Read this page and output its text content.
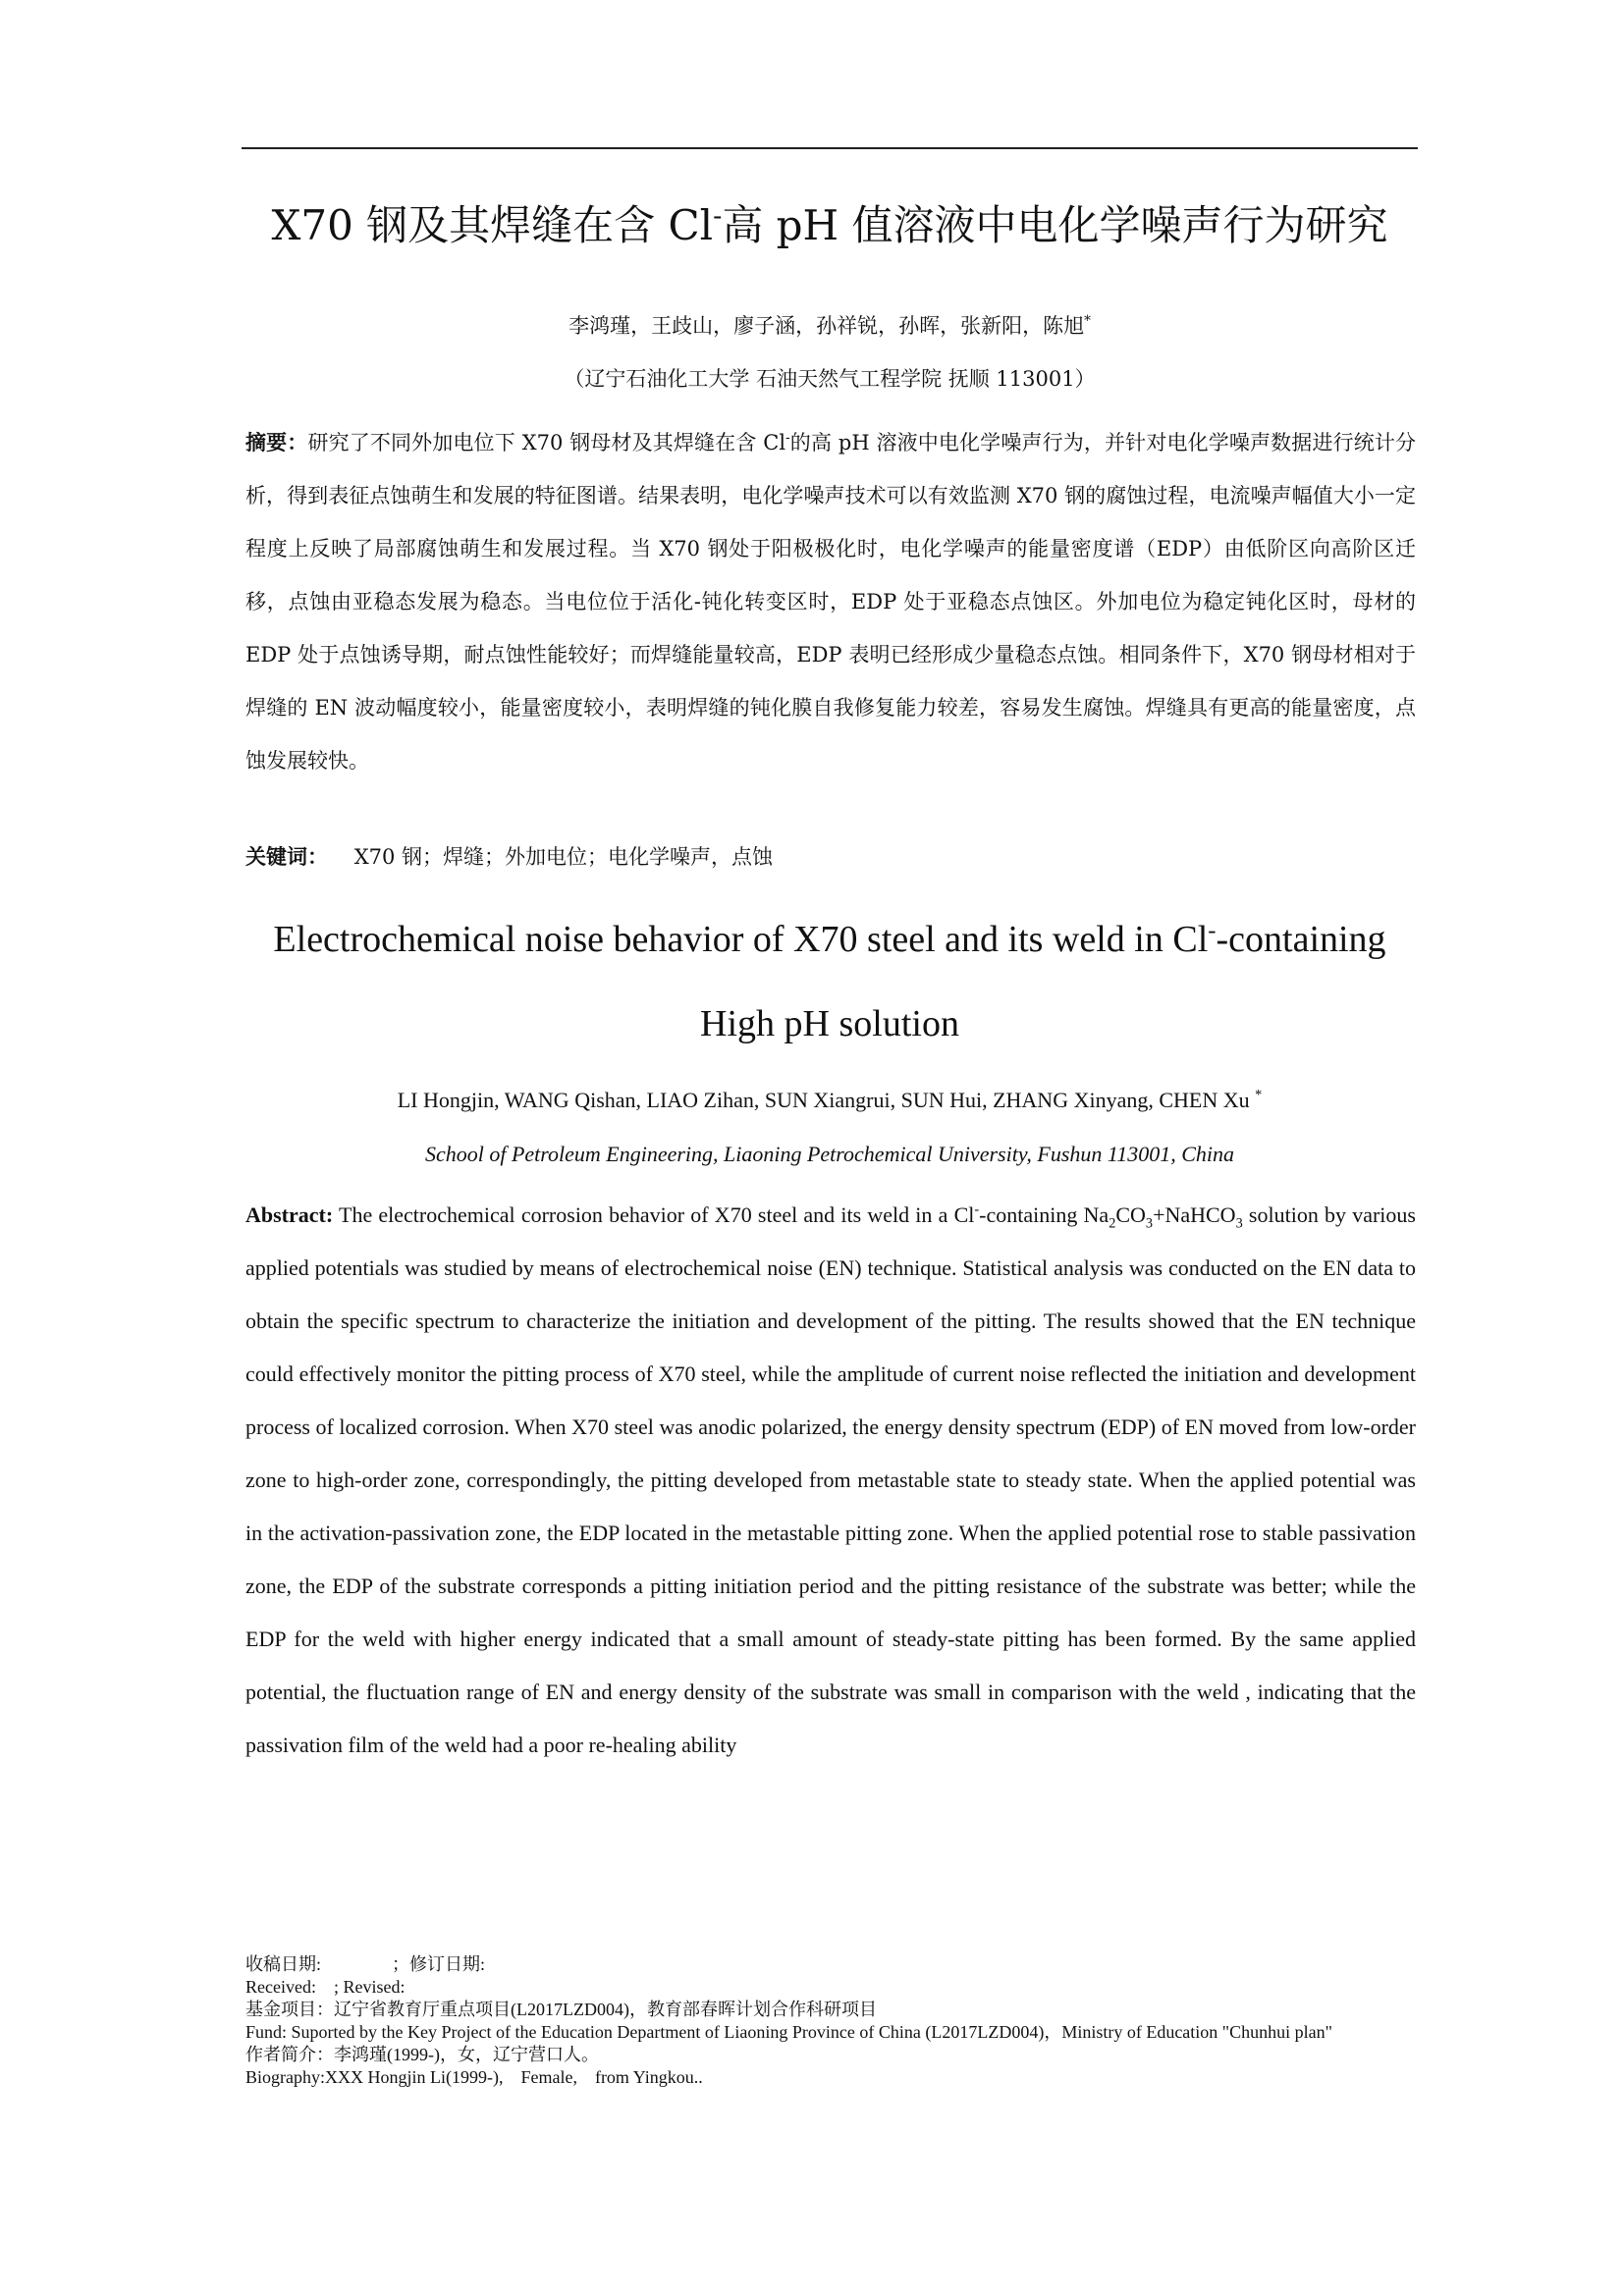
X70 钢及其焊缝在含 Cl-高 pH 值溶液中电化学噪声行为研究
李鸿瑾，王歧山，廖子涵，孙祥锐，孙晖，张新阳，陈旭*
（辽宁石油化工大学 石油天然气工程学院 抚顺 113001）
摘要：研究了不同外加电位下 X70 钢母材及其焊缝在含 Cl-的高 pH 溶液中电化学噪声行为，并针对电化学噪声数据进行统计分析，得到表征点蚀萌生和发展的特征图谱。结果表明，电化学噪声技术可以有效监测 X70 钢的腐蚀过程，电流噪声幅值大小一定程度上反映了局部腐蚀萌生和发展过程。当 X70 钢处于阳极极化时，电化学噪声的能量密度谱（EDP）由低阶区向高阶区迁移，点蚀由亚稳态发展为稳态。当电位位于活化-钝化转变区时，EDP 处于亚稳态点蚀区。外加电位为稳定钝化区时，母材的 EDP 处于点蚀诱导期，耐点蚀性能较好；而焊缝能量较高，EDP 表明已经形成少量稳态点蚀。相同条件下，X70 钢母材相对于焊缝的 EN 波动幅度较小，能量密度较小，表明焊缝的钝化膜自我修复能力较差，容易发生腐蚀。焊缝具有更高的能量密度，点蚀发展较快。
关键词： X70 钢；焊缝；外加电位；电化学噪声，点蚀
Electrochemical noise behavior of X70 steel and its weld in Cl--containing
High pH solution
LI Hongjin, WANG Qishan, LIAO Zihan, SUN Xiangrui, SUN Hui, ZHANG Xinyang, CHEN Xu *
School of Petroleum Engineering, Liaoning Petrochemical University, Fushun 113001, China
Abstract: The electrochemical corrosion behavior of X70 steel and its weld in a Cl--containing $Na_2CO_3+NaHCO_3$ solution by various applied potentials was studied by means of electrochemical noise (EN) technique. Statistical analysis was conducted on the EN data to obtain the specific spectrum to characterize the initiation and development of the pitting. The results showed that the EN technique could effectively monitor the pitting process of X70 steel, while the amplitude of current noise reflected the initiation and development process of localized corrosion. When X70 steel was anodic polarized, the energy density spectrum (EDP) of EN moved from low-order zone to high-order zone, correspondingly, the pitting developed from metastable state to steady state. When the applied potential was in the activation-passivation zone, the EDP located in the metastable pitting zone. When the applied potential rose to stable passivation zone, the EDP of the substrate corresponds a pitting initiation period and the pitting resistance of the substrate was better; while the EDP for the weld with higher energy indicated that a small amount of steady-state pitting has been formed. By the same applied potential, the fluctuation range of EN and energy density of the substrate was small in comparison with the weld , indicating that the passivation film of the weld had a poor re-healing ability
收稿日期:　　　　；修订日期:
Received:　; Revised:
基金项目：辽宁省教育厅重点项目(L2017LZD004)，教育部春晖计划合作科研项目
Fund: Suported by the Key Project of the Education Department of Liaoning Province of China (L2017LZD004)，Ministry of Education "Chunhui plan"
作者简介：李鸿瑾(1999-)，女，辽宁营口人。
Biography:XXX Hongjin Li(1999-),　Female,　from Yingkou..
